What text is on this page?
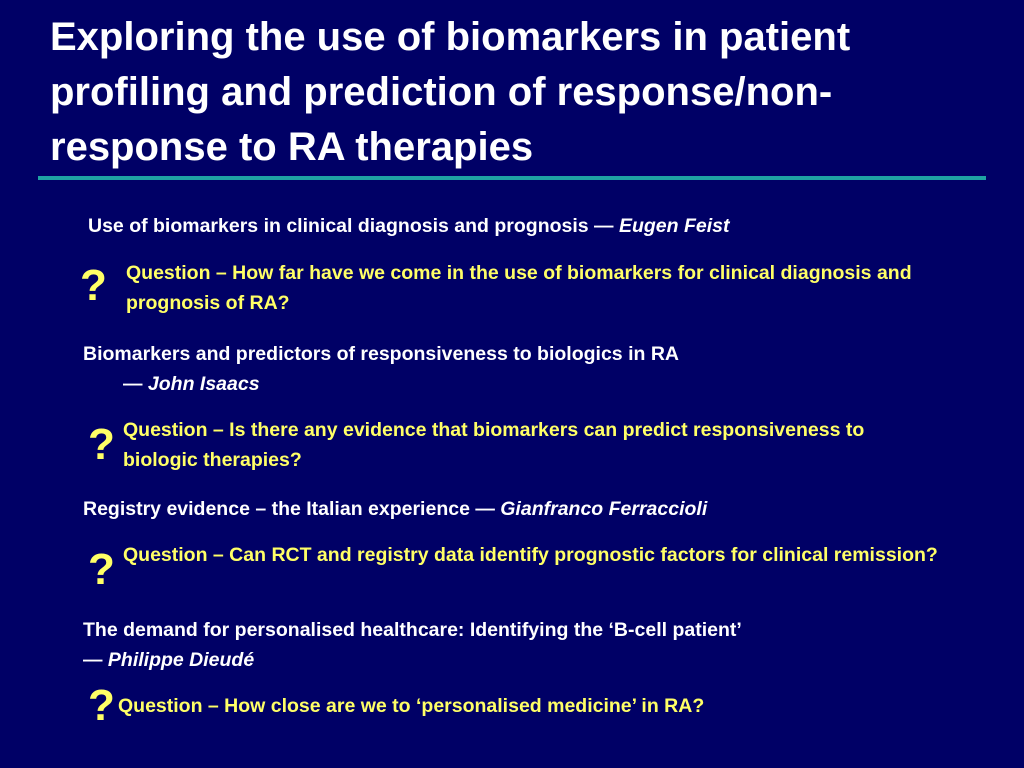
Exploring the use of biomarkers in patient profiling and prediction of response/non-response to RA therapies

Use of biomarkers in clinical diagnosis and prognosis — Eugen Feist

? Question – How far have we come in the use of biomarkers for clinical diagnosis and prognosis of RA?

Biomarkers and predictors of responsiveness to biologics in RA
— John Isaacs

? Question – Is there any evidence that biomarkers can predict responsiveness to biologic therapies?

Registry evidence – the Italian experience — Gianfranco Ferraccioli

? Question – Can RCT and registry data identify prognostic factors for clinical remission?

The demand for personalised healthcare: Identifying the ‘B-cell patient’
— Philippe Dieudé

? Question – How close are we to ‘personalised medicine’ in RA?
